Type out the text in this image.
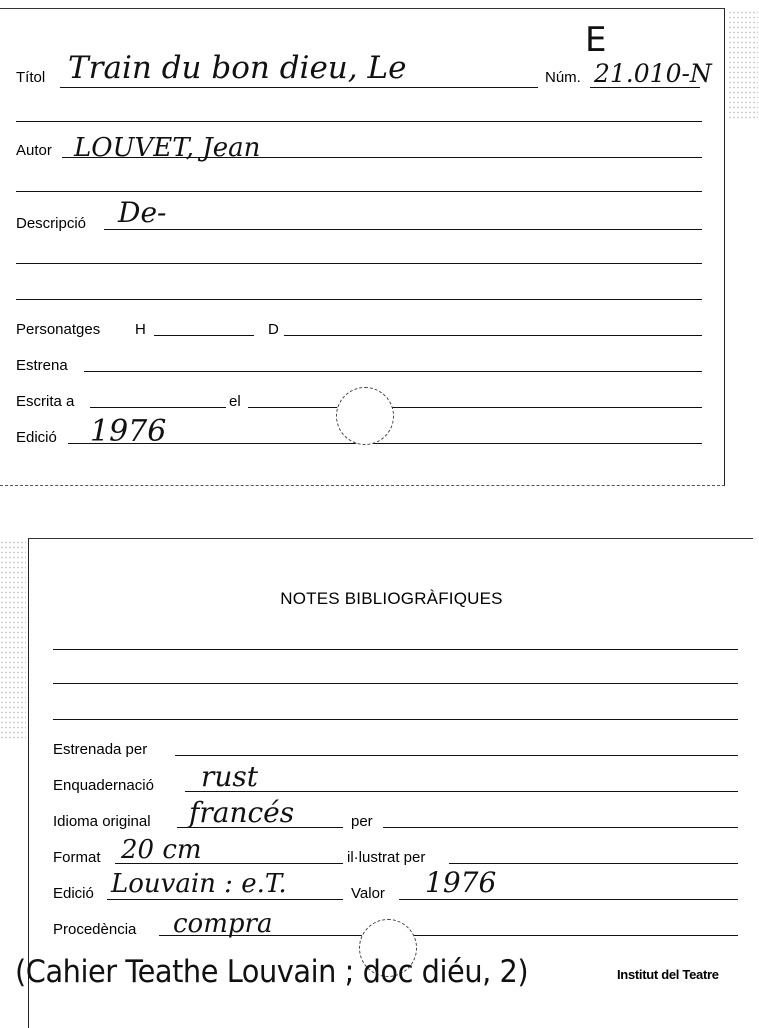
E
Títol Train du bon dieu, Le	Núm. 21.010-N
Autor LOUVET, Jean
Descripció De-
Personatges H	D
Estrena
Escrita a	el
Edició 1976
NOTES BIBLIOGRÀFIQUES
Estrenada per
Enquadernació rust
Idioma original francés	per
Format 20 cm	il·lustrat per
Edició Louvain : e.T.	Valor 1976
Procedència compra
(Cahier Teathe Louvain ; doc diéu, 2)	Institut del Teatre
